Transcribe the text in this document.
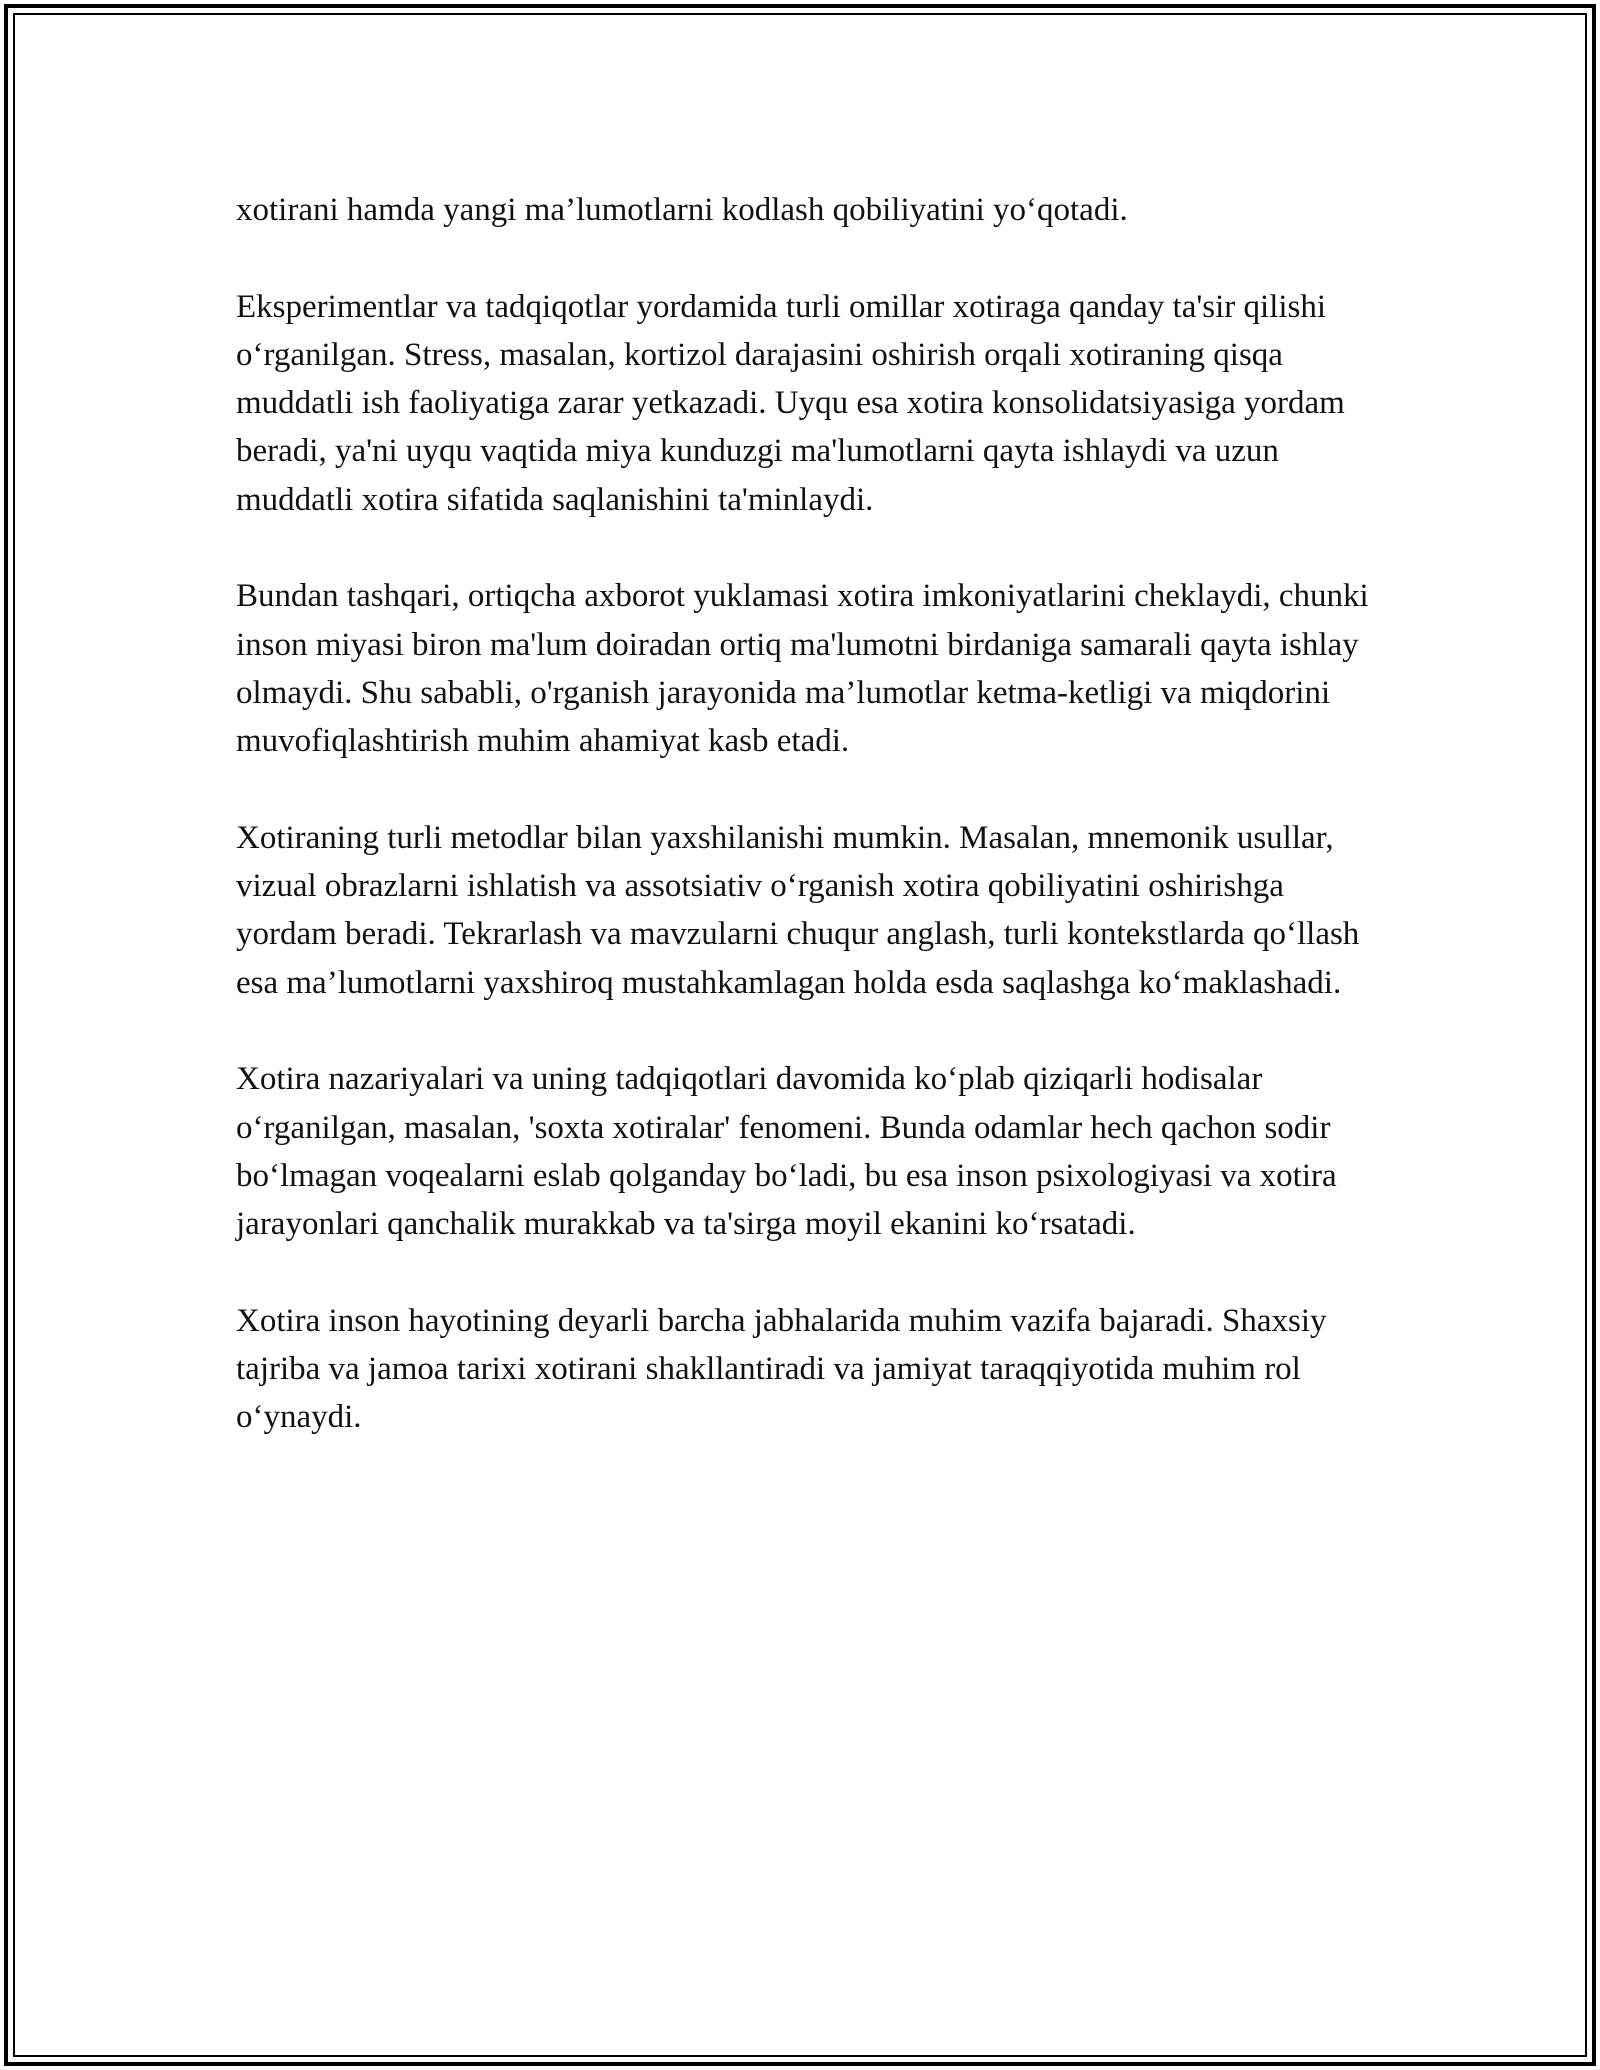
xotirani hamda yangi ma’lumotlarni kodlash qobiliyatini yo‘qotadi.

Eksperimentlar va tadqiqotlar yordamida turli omillar xotiraga qanday ta'sir qilishi o‘rganilgan. Stress, masalan, kortizol darajasini oshirish orqali xotiraning qisqa muddatli ish faoliyatiga zarar yetkazadi. Uyqu esa xotira konsolidatsiyasiga yordam beradi, ya'ni uyqu vaqtida miya kunduzgi ma'lumotlarni qayta ishlaydi va uzun muddatli xotira sifatida saqlanishini ta'minlaydi.

Bundan tashqari, ortiqcha axborot yuklamasi xotira imkoniyatlarini cheklaydi, chunki inson miyasi biron ma'lum doiradan ortiq ma'lumotni birdaniga samarali qayta ishlay olmaydi. Shu sababli, o'rganish jarayonida ma’lumotlar ketma-ketligi va miqdorini muvofiqlashtirish muhim ahamiyat kasb etadi.

Xotiraning turli metodlar bilan yaxshilanishi mumkin. Masalan, mnemonik usullar, vizual obrazlarni ishlatish va assotsiativ o‘rganish xotira qobiliyatini oshirishga yordam beradi. Tekrarlash va mavzularni chuqur anglash, turli kontekstlarda qo‘llash esa ma’lumotlarni yaxshiroq mustahkamlagan holda esda saqlashga ko‘maklashadi.

Xotira nazariyalari va uning tadqiqotlari davomida ko‘plab qiziqarli hodisalar o‘rganilgan, masalan, 'soxta xotiralar' fenomeni. Bunda odamlar hech qachon sodir bo‘lmagan voqealarni eslab qolganday bo‘ladi, bu esa inson psixologiyasi va xotira jarayonlari qanchalik murakkab va ta'sirga moyil ekanini ko‘rsatadi.

Xotira inson hayotining deyarli barcha jabhalarida muhim vazifa bajaradi. Shaxsiy tajriba va jamoa tarixi xotirani shakllantiradi va jamiyat taraqqiyotida muhim rol o‘ynaydi.
